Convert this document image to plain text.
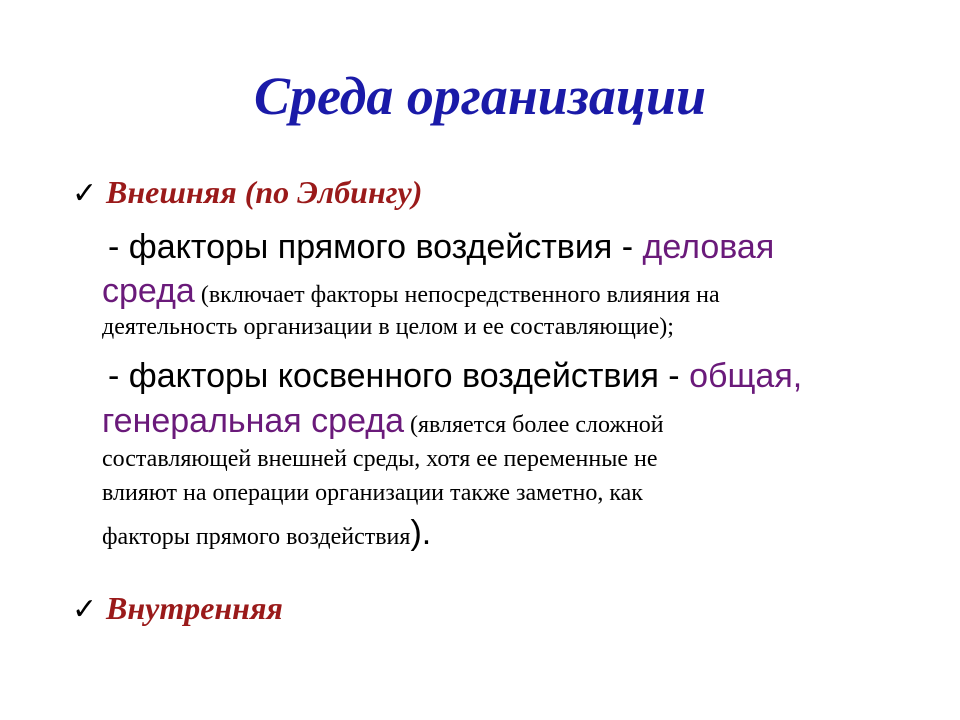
Среда организации
✓ Внешняя (по Элбингу)
- факторы прямого воздействия - деловая
среда (включает факторы непосредственного влияния на
деятельность организации в целом и ее составляющие);
- факторы косвенного воздействия - общая,
генеральная среда (является более сложной
составляющей внешней среды, хотя ее переменные не
влияют на операции организации также заметно, как
факторы прямого воздействия).
✓ Внутренняя
